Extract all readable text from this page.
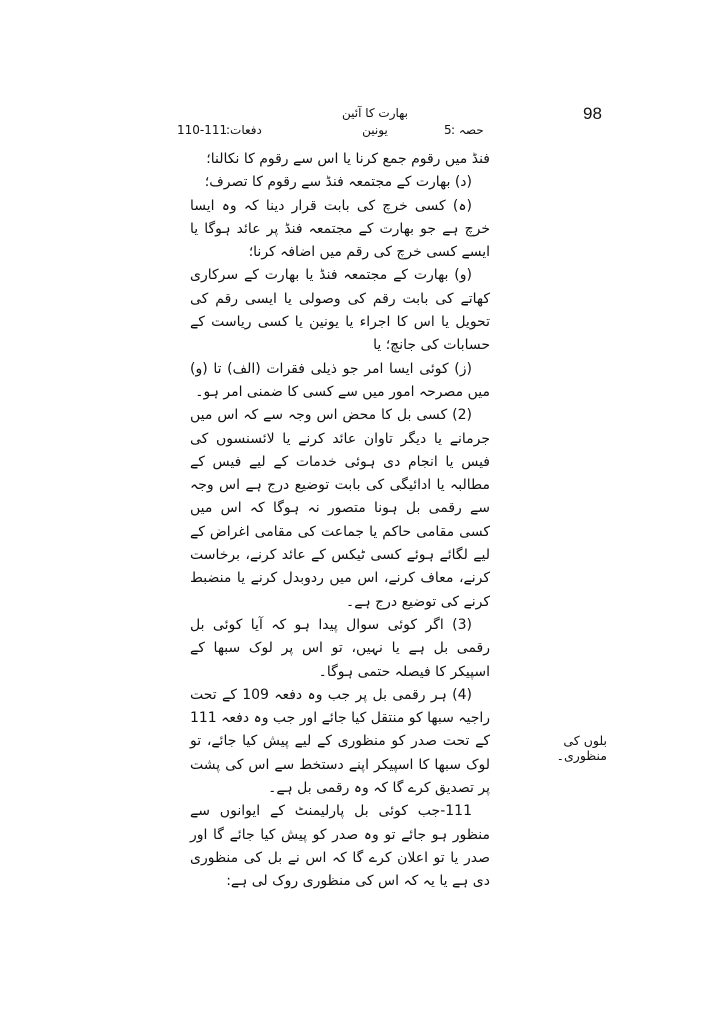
98
بھارت کا آئین
حصہ :
5
یونین
دفعات:
110-111

فنڈ میں رقوم جمع کرنا یا اس سے رقوم کا نکالنا؛

(د) بھارت کے مجتمعہ فنڈ سے رقوم کا تصرف؛

(ہ) کسی خرچ کی بابت قرار دینا کہ وہ ایسا خرچ ہے جو بھارت کے مجتمعہ فنڈ پر عائد ہوگا یا ایسے کسی خرچ کی رقم میں اضافہ کرنا؛

(و) بھارت کے مجتمعہ فنڈ یا بھارت کے سرکاری کھاتے کی بابت رقم کی وصولی یا ایسی رقم کی تحویل یا اس کا اجراء یا یونین یا کسی ریاست کے حسابات کی جانچ؛ یا

(ز) کوئی ایسا امر جو ذیلی فقرات (الف) تا (و) میں مصرحہ امور میں سے کسی کا ضمنی امر ہو۔

(2) کسی بل کا محض اس وجہ سے کہ اس میں جرمانے یا دیگر تاوان عائد کرنے یا لائسنسوں کی فیس یا انجام دی ہوئی خدمات کے لیے فیس کے مطالبہ یا ادائیگی کی بابت توضیع درج ہے اس وجہ سے رقمی بل ہونا متصور نہ ہوگا کہ اس میں کسی مقامی حاکم یا جماعت کی مقامی اغراض کے لیے لگائے ہوئے کسی ٹیکس کے عائد کرنے، برخاست کرنے، معاف کرنے، اس میں ردوبدل کرنے یا منضبط کرنے کی توضیع درج ہے۔

(3) اگر کوئی سوال پیدا ہو کہ آیا کوئی بل رقمی بل ہے یا نہیں، تو اس پر لوک سبھا کے اسپیکر کا فیصلہ حتمی ہوگا۔

(4) ہر رقمی بل پر جب وہ دفعہ 109 کے تحت راجیہ سبھا کو منتقل کیا جائے اور جب وہ دفعہ 111 کے تحت صدر کو منظوری کے لیے پیش کیا جائے، تو لوک سبھا کا اسپیکر اپنے دستخط سے اس کی پشت پر تصدیق کرے گا کہ وہ رقمی بل ہے۔

111-جب کوئی بل پارلیمنٹ کے ایوانوں سے منظور ہو جائے تو وہ صدر کو پیش کیا جائے گا اور صدر یا تو اعلان کرے گا کہ اس نے بل کی منظوری دی ہے یا یہ کہ اس کی منظوری روک لی ہے:

بلوں کی منظوری۔
